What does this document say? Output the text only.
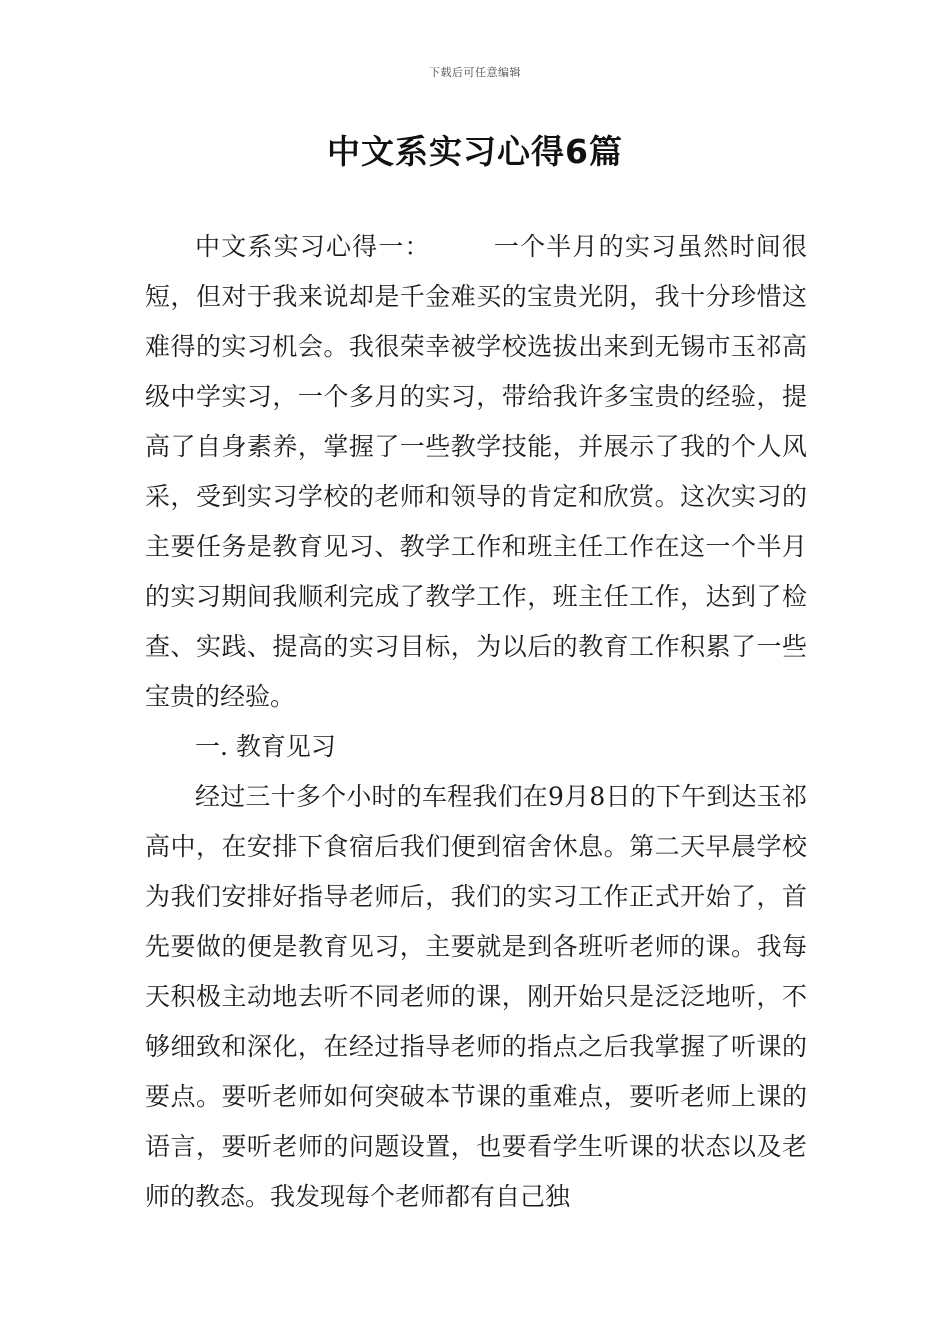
下载后可任意编辑
中文系实习心得6篇

中文系实习心得一： 一个半月的实习虽然时间很短，但对于我来说却是千金难买的宝贵光阴，我十分珍惜这难得的实习机会。我很荣幸被学校选拔出来到无锡市玉祁高级中学实习，一个多月的实习，带给我许多宝贵的经验，提高了自身素养，掌握了一些教学技能，并展示了我的个人风采，受到实习学校的老师和领导的肯定和欣赏。这次实习的主要任务是教育见习、教学工作和班主任工作在这一个半月的实习期间我顺利完成了教学工作，班主任工作，达到了检查、实践、提高的实习目标，为以后的教育工作积累了一些宝贵的经验。

一. 教育见习

经过三十多个小时的车程我们在9月8日的下午到达玉祁高中，在安排下食宿后我们便到宿舍休息。第二天早晨学校为我们安排好指导老师后，我们的实习工作正式开始了，首先要做的便是教育见习，主要就是到各班听老师的课。我每天积极主动地去听不同老师的课，刚开始只是泛泛地听，不够细致和深化，在经过指导老师的指点之后我掌握了听课的要点。要听老师如何突破本节课的重难点，要听老师上课的语言，要听老师的问题设置，也要看学生听课的状态以及老师的教态。我发现每个老师都有自己独
